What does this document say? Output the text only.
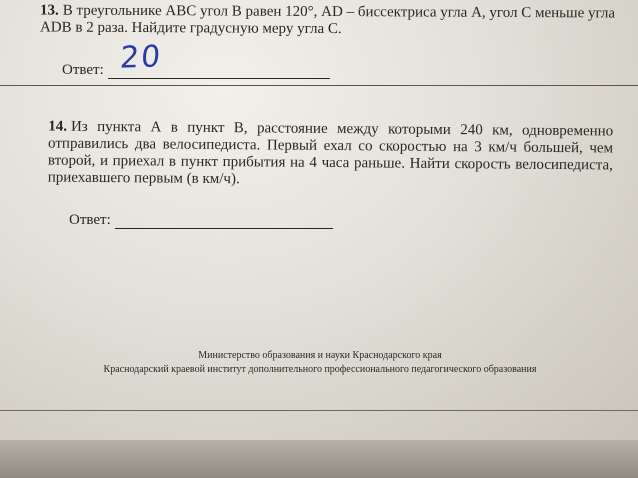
13. В треугольнике ABC угол B равен 120°, AD – биссектриса угла A, угол C меньше угла ADB в 2 раза. Найдите градусную меру угла C.
Ответ: 20
14. Из пункта А в пункт В, расстояние между которыми 240 км, одновременно отправились два велосипедиста. Первый ехал со скоростью на 3 км/ч большей, чем второй, и приехал в пункт прибытия на 4 часа раньше. Найти скорость велосипедиста, приехавшего первым (в км/ч).
Ответ:
Министерство образования и науки Краснодарского края
Краснодарский краевой институт дополнительного профессионального педагогического образования
